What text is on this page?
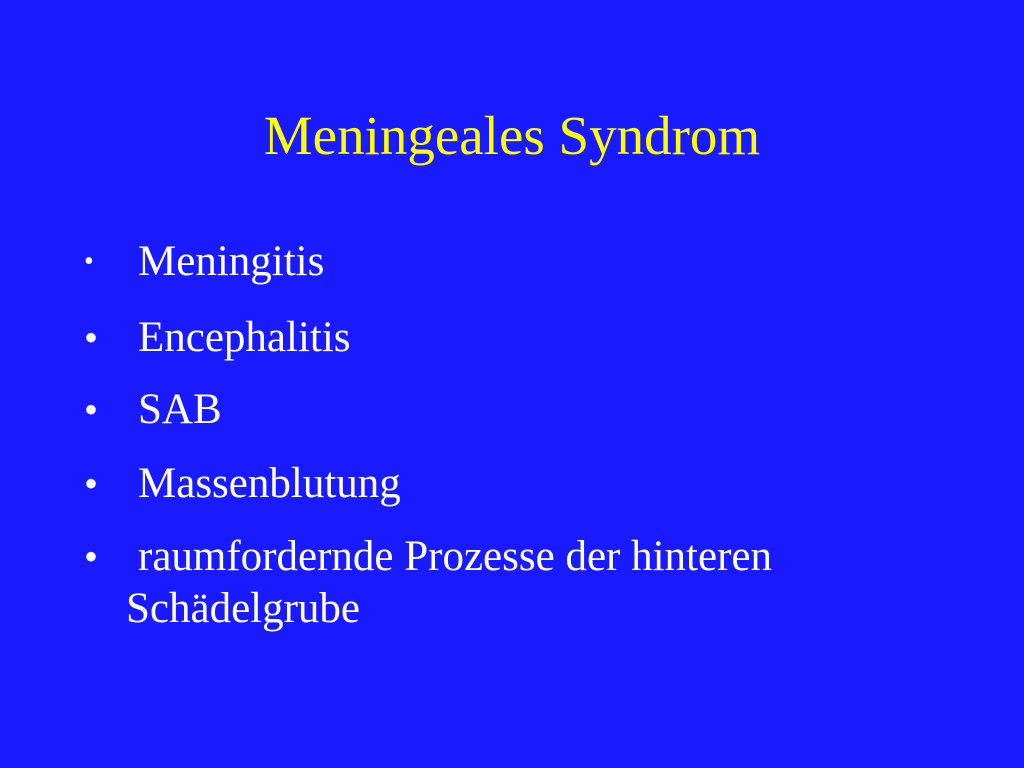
Meningeales Syndrom
• Meningitis
• Encephalitis
• SAB
• Massenblutung
• raumfordernde Prozesse der hinteren
Schädelgrube
